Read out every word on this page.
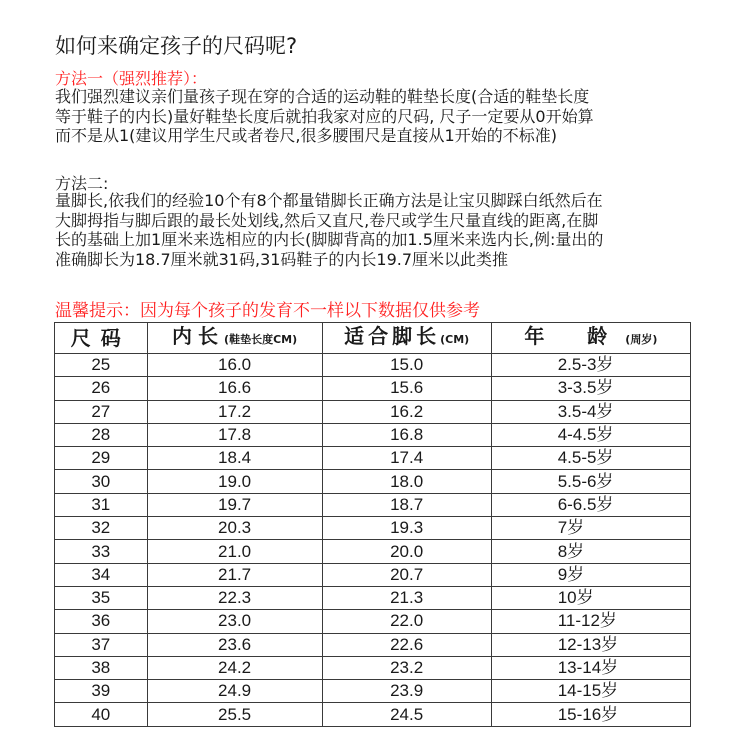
如何来确定孩子的尺码呢?
方法一（强烈推荐）：
我们强烈建议亲们量孩子现在穿的合适的运动鞋的鞋垫长度(合适的鞋垫长度
等于鞋子的内长)量好鞋垫长度后就拍我家对应的尺码, 尺子一定要从0开始算
而不是从1(建议用学生尺或者卷尺,很多腰围尺是直接从1开始的不标准)
方法二:
量脚长,依我们的经验10个有8个都量错脚长正确方法是让宝贝脚踩白纸然后在
大脚拇指与脚后跟的最长处划线,然后又直尺,卷尺或学生尺量直线的距离,在脚
长的基础上加1厘米来选相应的内长(脚脚背高的加1.5厘米来选内长,例:量出的
准确脚长为18.7厘米就31码,31码鞋子的内长19.7厘米以此类推
温馨提示：因为每个孩子的发育不一样以下数据仅供参考
尺码	内长(鞋垫长度CM)	适合脚长(CM)	年 龄(周岁)
25	16.0	15.0	2.5-3岁
26	16.6	15.6	3-3.5岁
27	17.2	16.2	3.5-4岁
28	17.8	16.8	4-4.5岁
29	18.4	17.4	4.5-5岁
30	19.0	18.0	5.5-6岁
31	19.7	18.7	6-6.5岁
32	20.3	19.3	7岁
33	21.0	20.0	8岁
34	21.7	20.7	9岁
35	22.3	21.3	10岁
36	23.0	22.0	11-12岁
37	23.6	22.6	12-13岁
38	24.2	23.2	13-14岁
39	24.9	23.9	14-15岁
40	25.5	24.5	15-16岁
